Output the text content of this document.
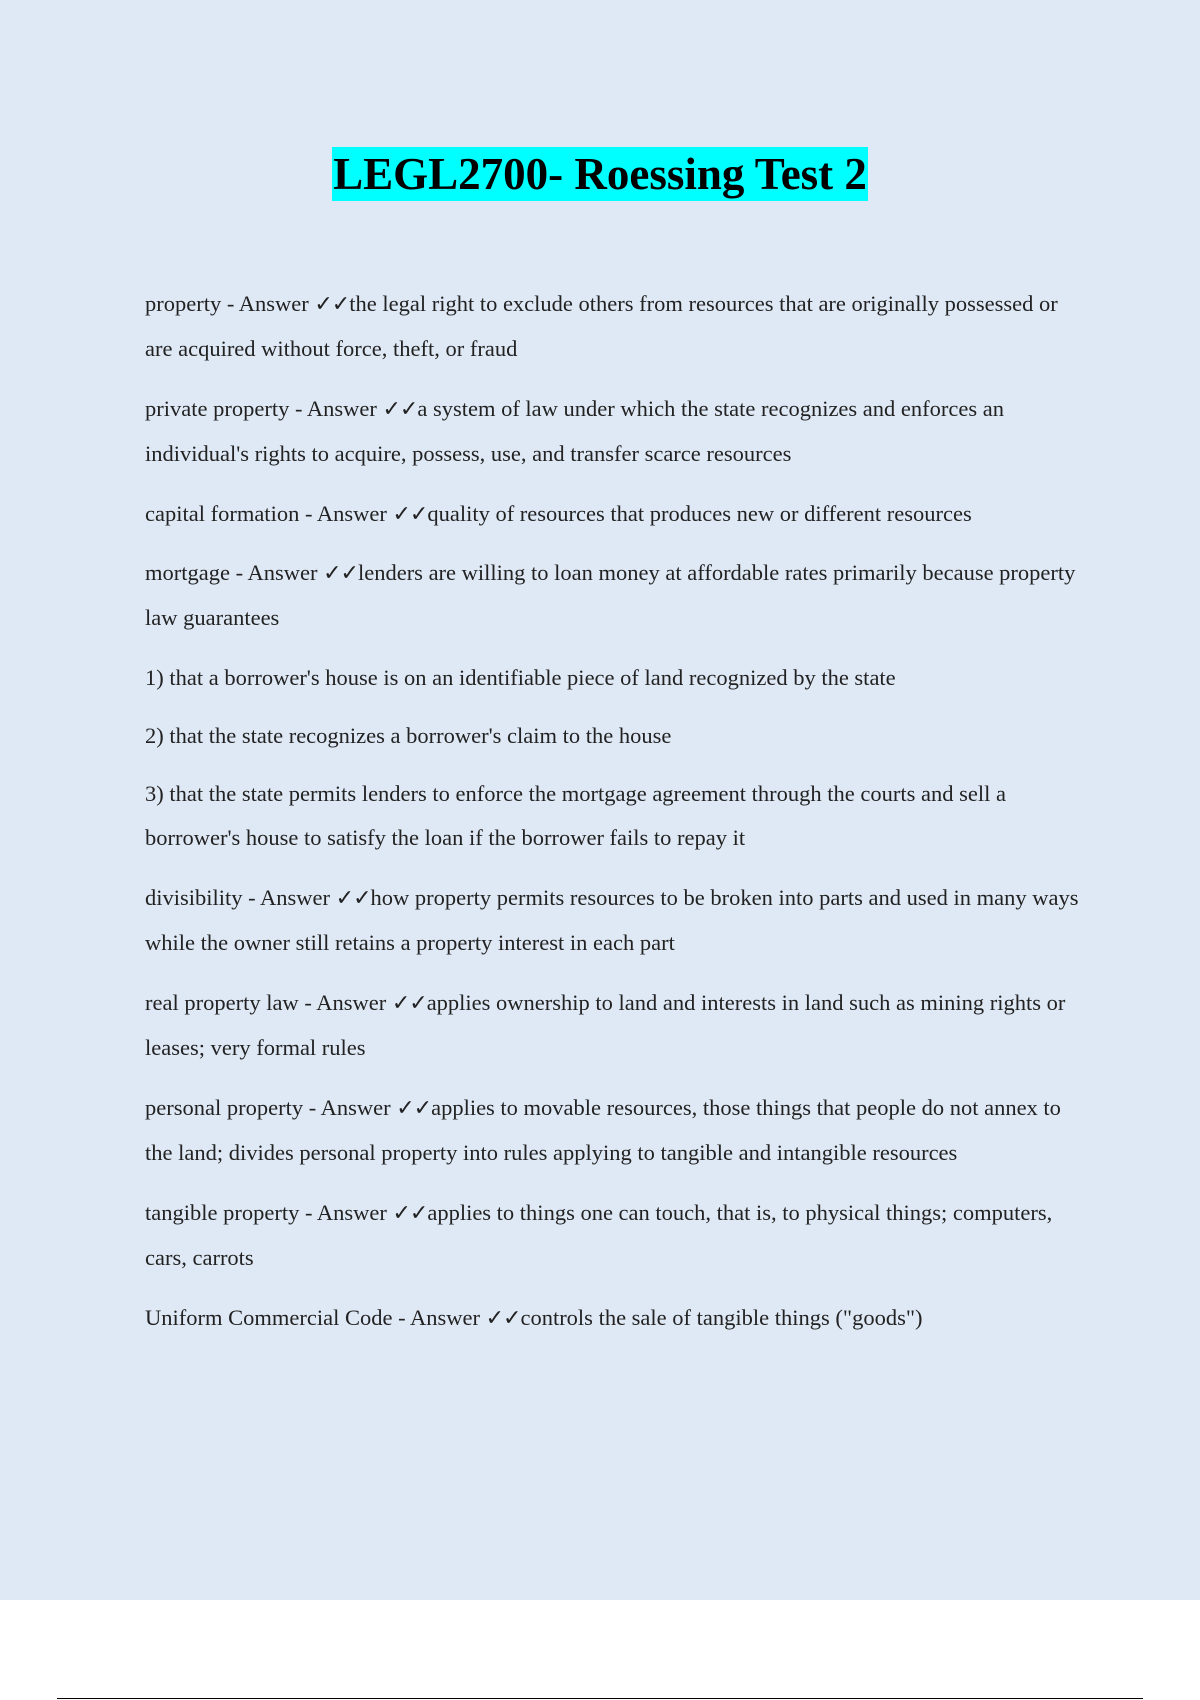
LEGL2700- Roessing Test 2

property - Answer ✓✓the legal right to exclude others from resources that are originally possessed or are acquired without force, theft, or fraud

private property - Answer ✓✓a system of law under which the state recognizes and enforces an individual's rights to acquire, possess, use, and transfer scarce resources

capital formation - Answer ✓✓quality of resources that produces new or different resources

mortgage - Answer ✓✓lenders are willing to loan money at affordable rates primarily because property law guarantees

1) that a borrower's house is on an identifiable piece of land recognized by the state

2) that the state recognizes a borrower's claim to the house

3) that the state permits lenders to enforce the mortgage agreement through the courts and sell a borrower's house to satisfy the loan if the borrower fails to repay it

divisibility - Answer ✓✓how property permits resources to be broken into parts and used in many ways while the owner still retains a property interest in each part

real property law - Answer ✓✓applies ownership to land and interests in land such as mining rights or leases; very formal rules

personal property - Answer ✓✓applies to movable resources, those things that people do not annex to the land; divides personal property into rules applying to tangible and intangible resources

tangible property - Answer ✓✓applies to things one can touch, that is, to physical things; computers, cars, carrots

Uniform Commercial Code - Answer ✓✓controls the sale of tangible things ("goods")
